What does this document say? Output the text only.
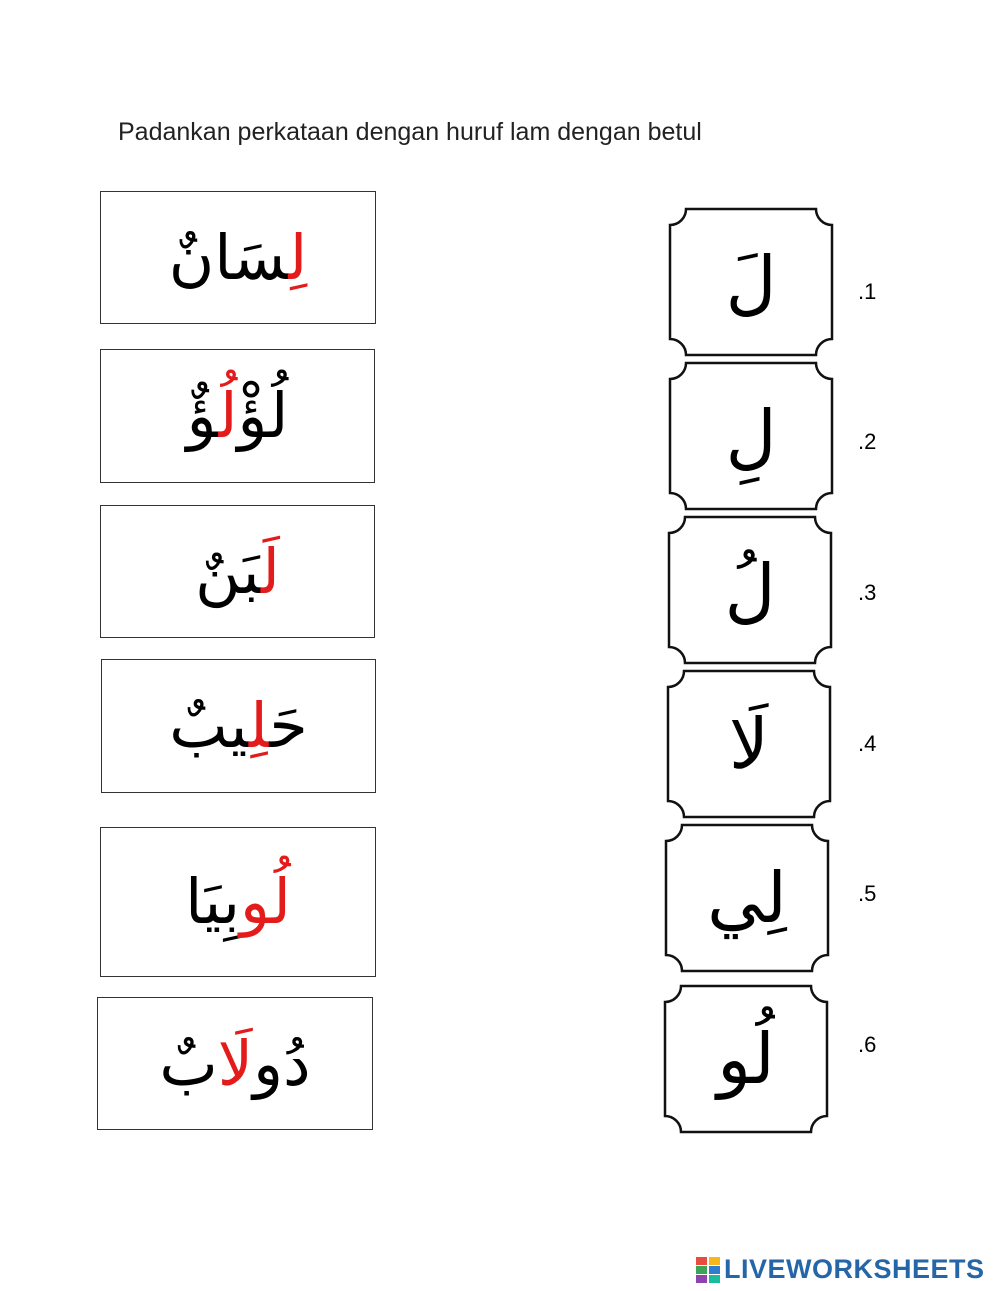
Padankan perkataan dengan huruf lam dengan betul
لِسَانٌ
لُؤْلُؤٌ
لَبَنٌ
حَلِيبٌ
لُوبِيَا
دُولَابٌ
لَ
لِ
لُ
لَا
لِي
لُو
.1
.2
.3
.4
.5
.6
LIVEWORKSHEETS
